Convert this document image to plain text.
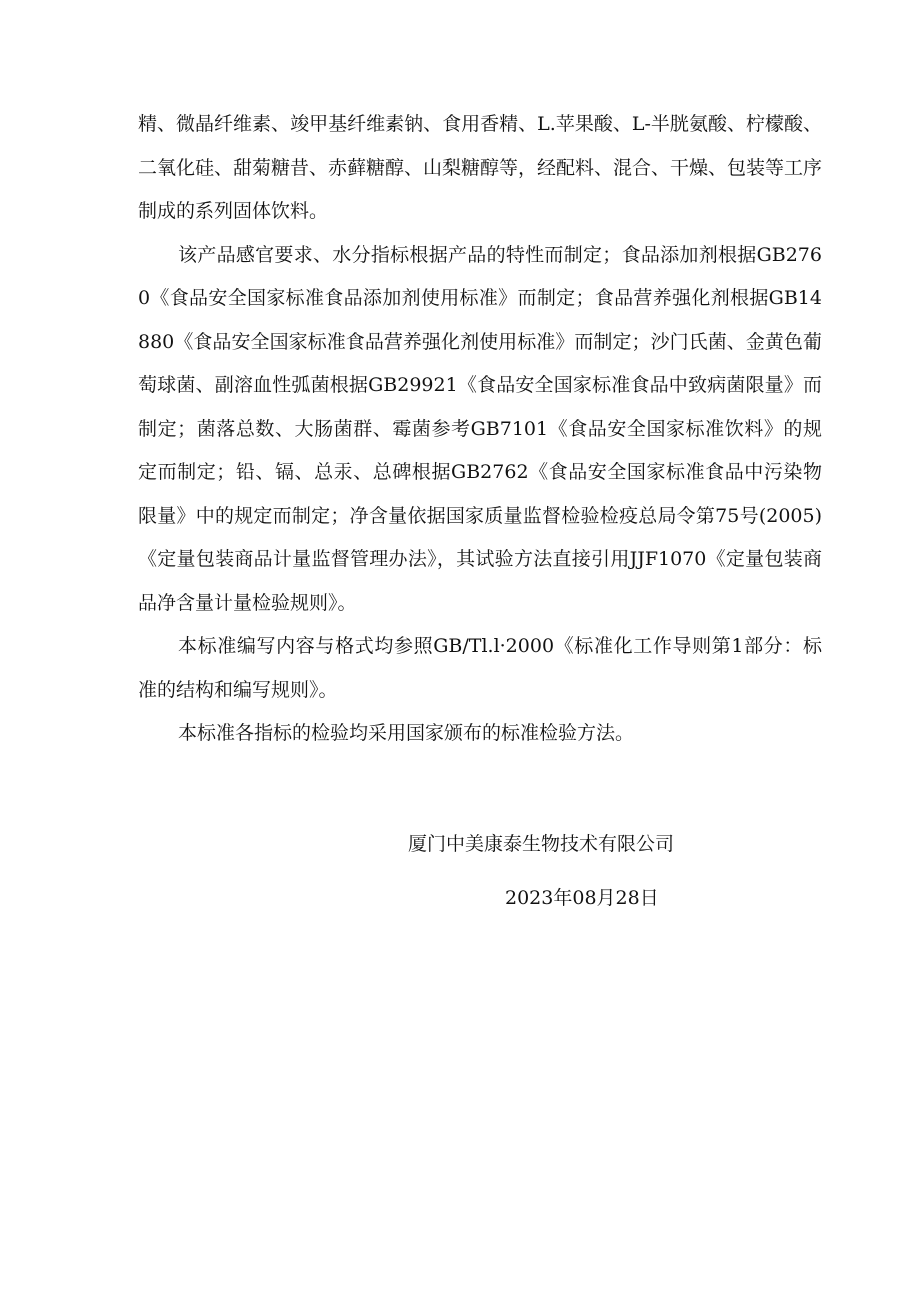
精、微晶纤维素、竣甲基纤维素钠、食用香精、L.苹果酸、L-半胱氨酸、柠檬酸、二氧化硅、甜菊糖昔、赤藓糖醇、山梨糖醇等，经配料、混合、干燥、包装等工序制成的系列固体饮料。

该产品感官要求、水分指标根据产品的特性而制定；食品添加剂根据GB2760《食品安全国家标准食品添加剂使用标准》而制定；食品营养强化剂根据GB14880《食品安全国家标准食品营养强化剂使用标准》而制定；沙门氏菌、金黄色葡萄球菌、副溶血性弧菌根据GB29921《食品安全国家标准食品中致病菌限量》而制定；菌落总数、大肠菌群、霉菌参考GB7101《食品安全国家标准饮料》的规定而制定；铅、镉、总汞、总碑根据GB2762《食品安全国家标准食品中污染物限量》中的规定而制定；净含量依据国家质量监督检验检疫总局令第75号(2005)《定量包装商品计量监督管理办法》，其试验方法直接引用JJF1070《定量包装商品净含量计量检验规则》。

本标准编写内容与格式均参照GB/Tl.l·2000《标准化工作导则第1部分：标准的结构和编写规则》。

本标准各指标的检验均采用国家颁布的标准检验方法。

厦门中美康泰生物技术有限公司
2023年08月28日
